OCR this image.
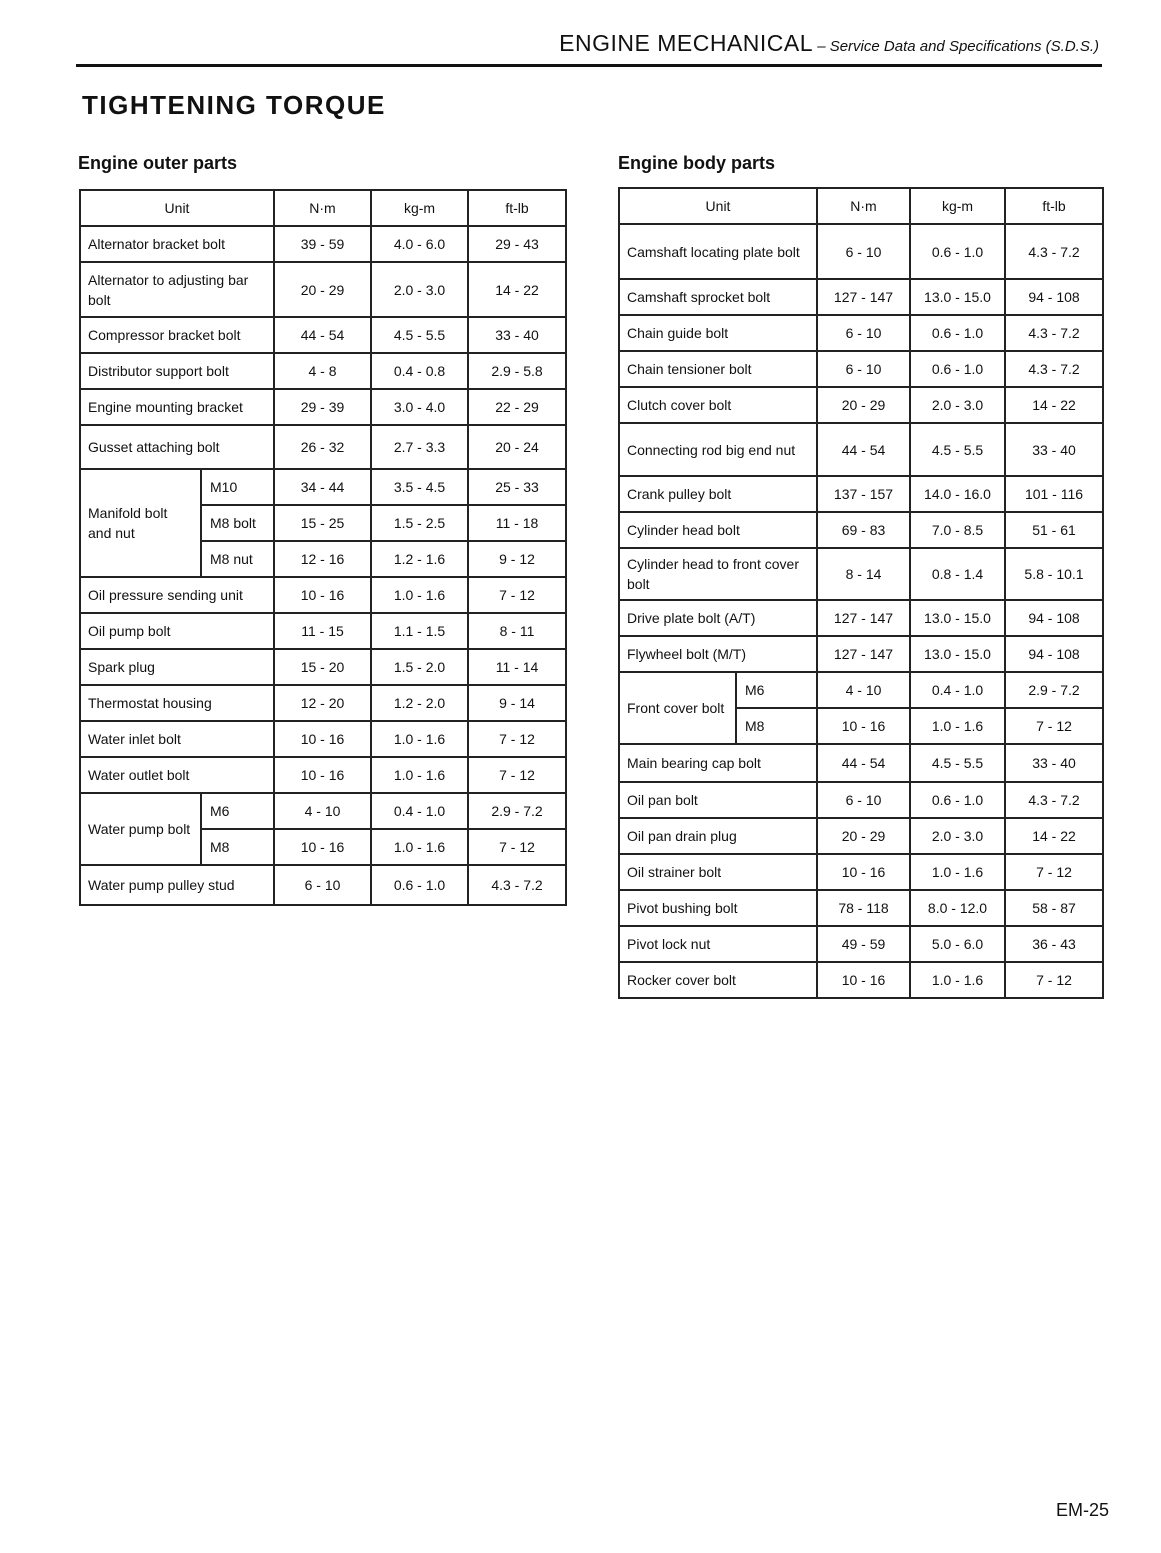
ENGINE MECHANICAL – Service Data and Specifications (S.D.S.)
TIGHTENING TORQUE
Engine outer parts	Engine body parts
Unit		N·m	kg-m	ft-lb
Alternator bracket bolt		39 - 59	4.0 - 6.0	29 - 43
Alternator to adjusting bar bolt		20 - 29	2.0 - 3.0	14 - 22
Compressor bracket bolt		44 - 54	4.5 - 5.5	33 - 40
Distributor support bolt		4 - 8	0.4 - 0.8	2.9 - 5.8
Engine mounting bracket		29 - 39	3.0 - 4.0	22 - 29
Gusset attaching bolt		26 - 32	2.7 - 3.3	20 - 24
Manifold bolt and nut	M10	34 - 44	3.5 - 4.5	25 - 33
	M8 bolt	15 - 25	1.5 - 2.5	11 - 18
	M8 nut	12 - 16	1.2 - 1.6	9 - 12
Oil pressure sending unit		10 - 16	1.0 - 1.6	7 - 12
Oil pump bolt		11 - 15	1.1 - 1.5	8 - 11
Spark plug		15 - 20	1.5 - 2.0	11 - 14
Thermostat housing		12 - 20	1.2 - 2.0	9 - 14
Water inlet bolt		10 - 16	1.0 - 1.6	7 - 12
Water outlet bolt		10 - 16	1.0 - 1.6	7 - 12
Water pump bolt	M6	4 - 10	0.4 - 1.0	2.9 - 7.2
	M8	10 - 16	1.0 - 1.6	7 - 12
Water pump pulley stud		6 - 10	0.6 - 1.0	4.3 - 7.2
Unit		N·m	kg-m	ft-lb
Camshaft locating plate bolt		6 - 10	0.6 - 1.0	4.3 - 7.2
Camshaft sprocket bolt		127 - 147	13.0 - 15.0	94 - 108
Chain guide bolt		6 - 10	0.6 - 1.0	4.3 - 7.2
Chain tensioner bolt		6 - 10	0.6 - 1.0	4.3 - 7.2
Clutch cover bolt		20 - 29	2.0 - 3.0	14 - 22
Connecting rod big end nut		44 - 54	4.5 - 5.5	33 - 40
Crank pulley bolt		137 - 157	14.0 - 16.0	101 - 116
Cylinder head bolt		69 - 83	7.0 - 8.5	51 - 61
Cylinder head to front cover bolt		8 - 14	0.8 - 1.4	5.8 - 10.1
Drive plate bolt (A/T)		127 - 147	13.0 - 15.0	94 - 108
Flywheel bolt (M/T)		127 - 147	13.0 - 15.0	94 - 108
Front cover bolt	M6	4 - 10	0.4 - 1.0	2.9 - 7.2
	M8	10 - 16	1.0 - 1.6	7 - 12
Main bearing cap bolt		44 - 54	4.5 - 5.5	33 - 40
Oil pan bolt		6 - 10	0.6 - 1.0	4.3 - 7.2
Oil pan drain plug		20 - 29	2.0 - 3.0	14 - 22
Oil strainer bolt		10 - 16	1.0 - 1.6	7 - 12
Pivot bushing bolt		78 - 118	8.0 - 12.0	58 - 87
Pivot lock nut		49 - 59	5.0 - 6.0	36 - 43
Rocker cover bolt		10 - 16	1.0 - 1.6	7 - 12
EM-25
